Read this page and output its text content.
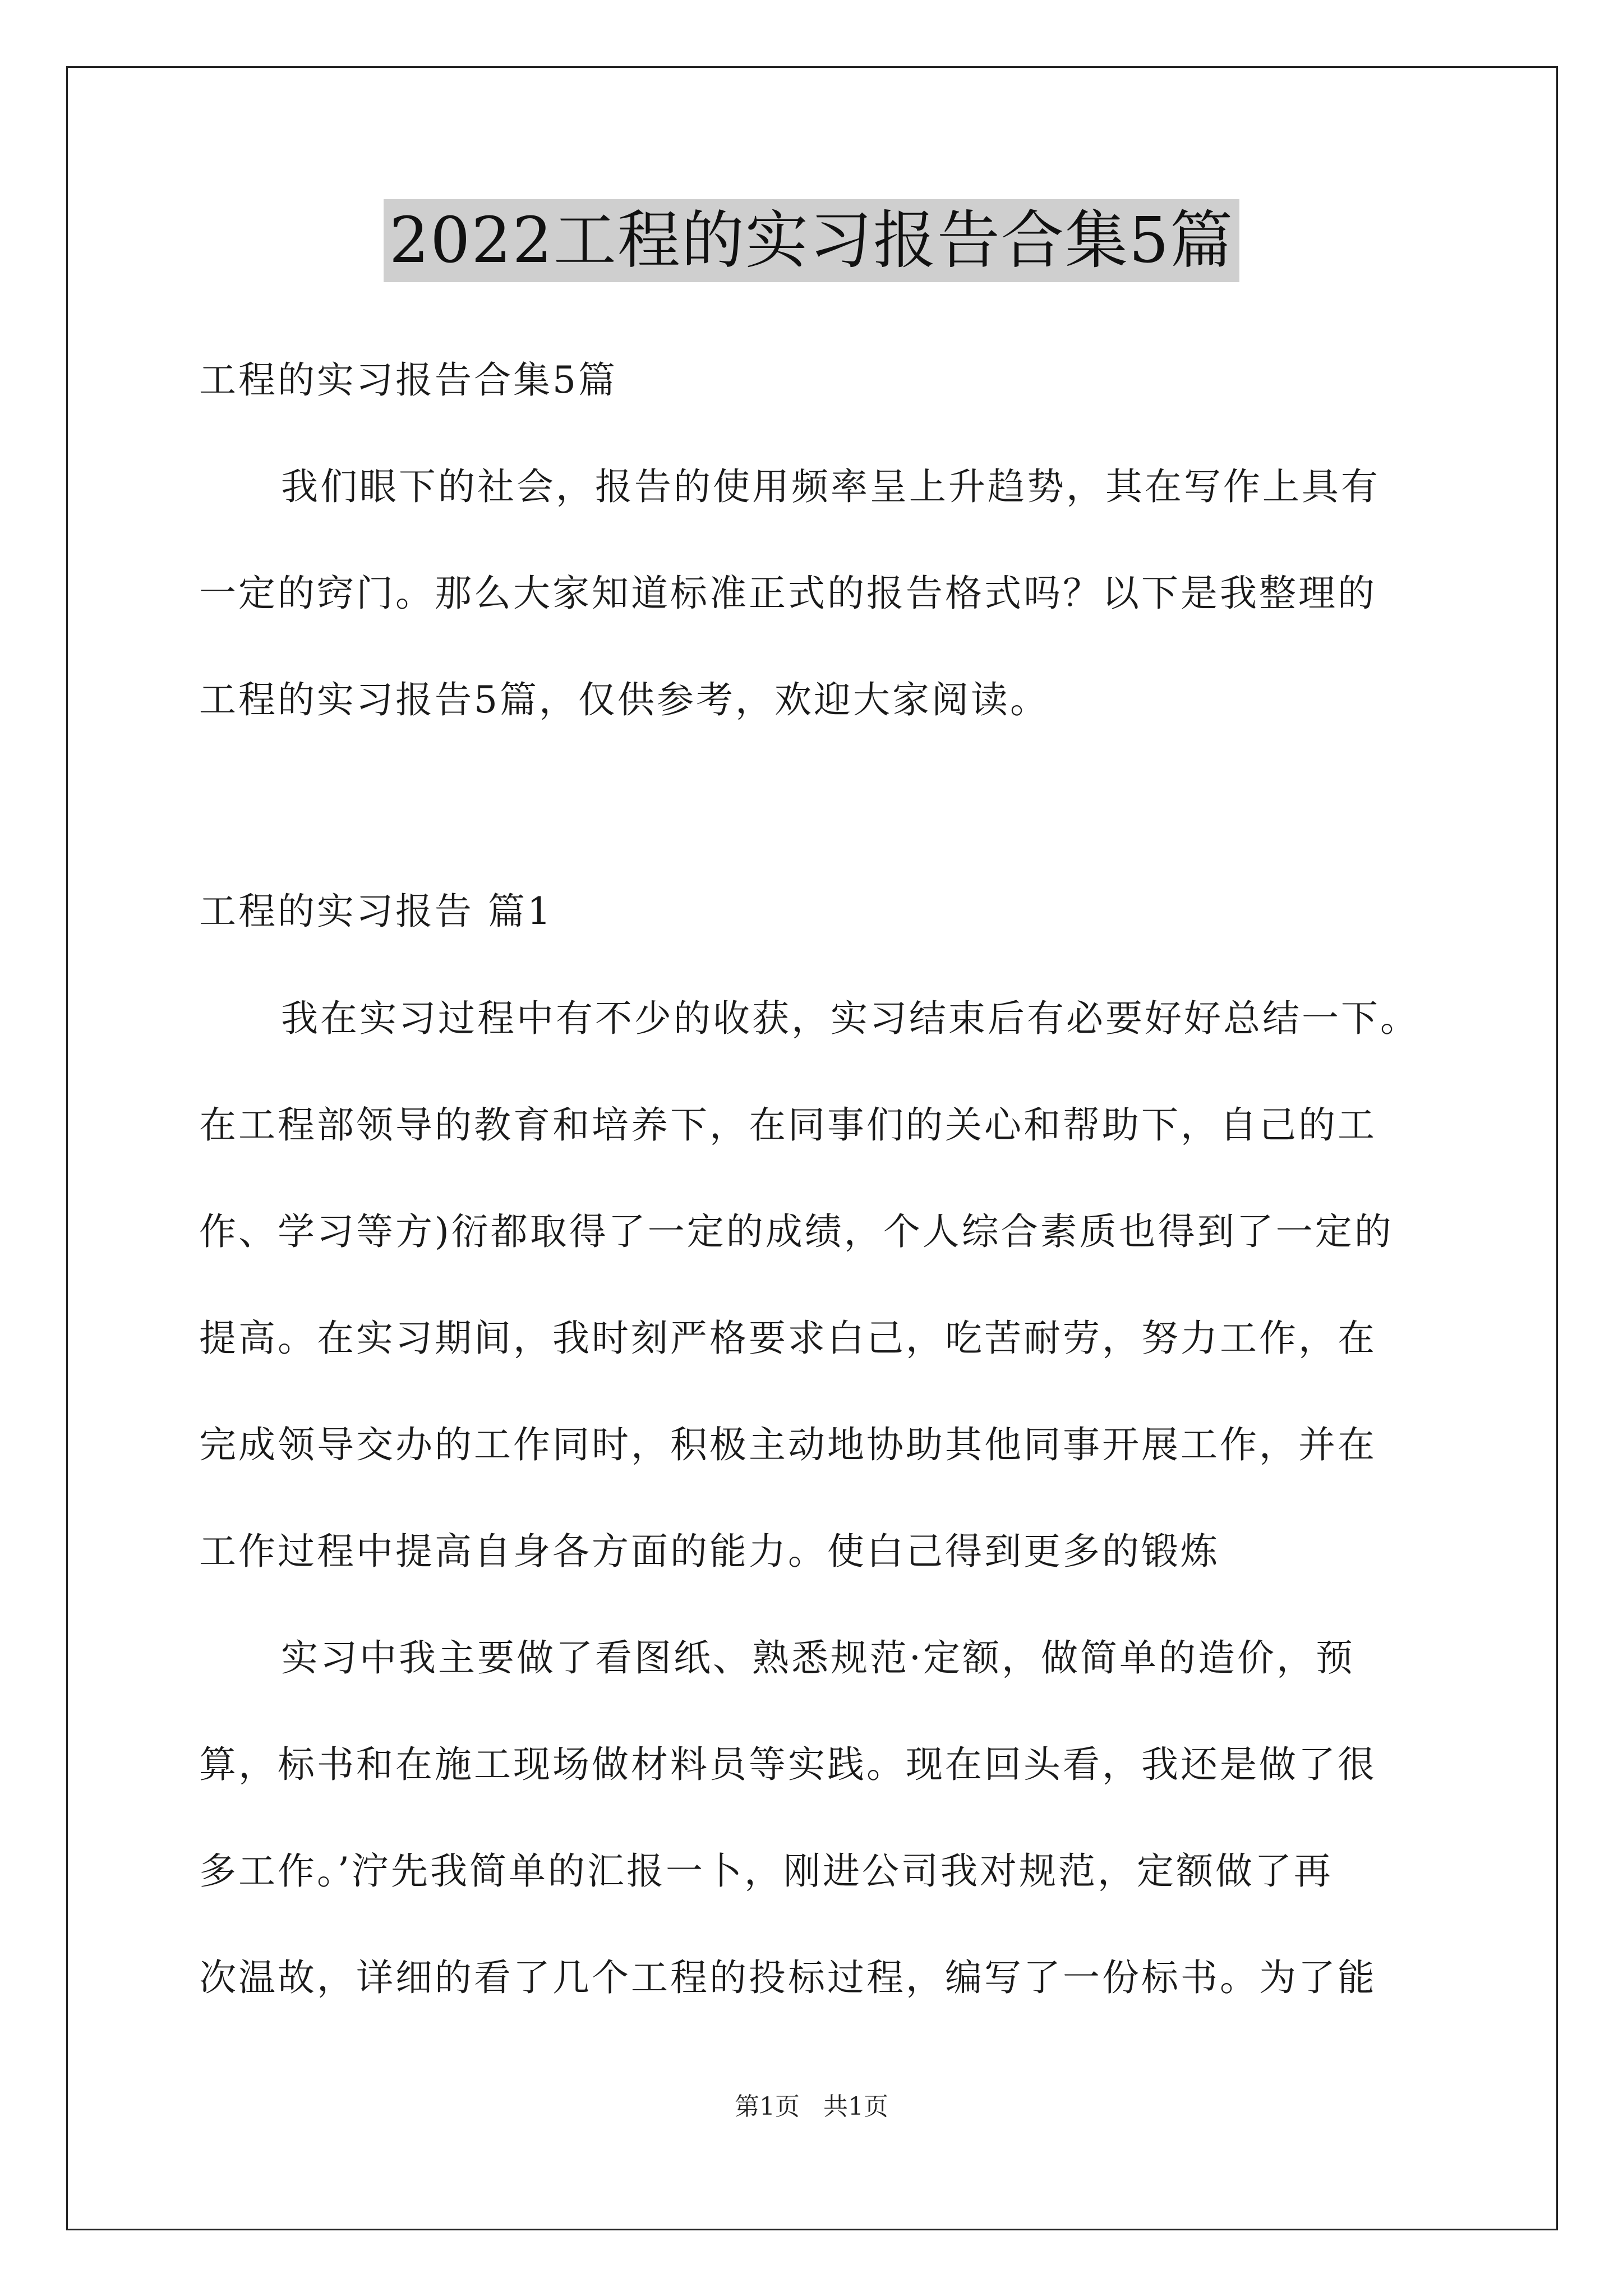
2022工程的实习报告合集5篇
工程的实习报告合集5篇
我们眼下的社会，报告的使用频率呈上升趋势，其在写作上具有
一定的窍门。那么大家知道标准正式的报告格式吗？以下是我整理的
工程的实习报告5篇，仅供参考，欢迎大家阅读。
工程的实习报告 篇1
我在实习过程中有不少的收获，实习结束后有必要好好总结一下。
在工程部领导的教育和培养下，在同事们的关心和帮助下，自己的工
作、学习等方)衍都取得了一定的成绩，个人综合素质也得到了一定的
提高。在实习期间，我时刻严格要求白己，吃苦耐劳，努力工作，在
完成领导交办的工作同时，积极主动地协助其他同事开展工作，并在
工作过程中提高自身各方面的能力。使白己得到更多的锻炼
实习中我主要做了看图纸、熟悉规范·定额，做简单的造价，预
算，标书和在施工现场做材料员等实践。现在回头看，我还是做了很
多工作。’泞先我简单的汇报一卜，刚进公司我对规范，定额做了再
次温故，详细的看了几个工程的投标过程，编写了一份标书。为了能
第1页 共1页
